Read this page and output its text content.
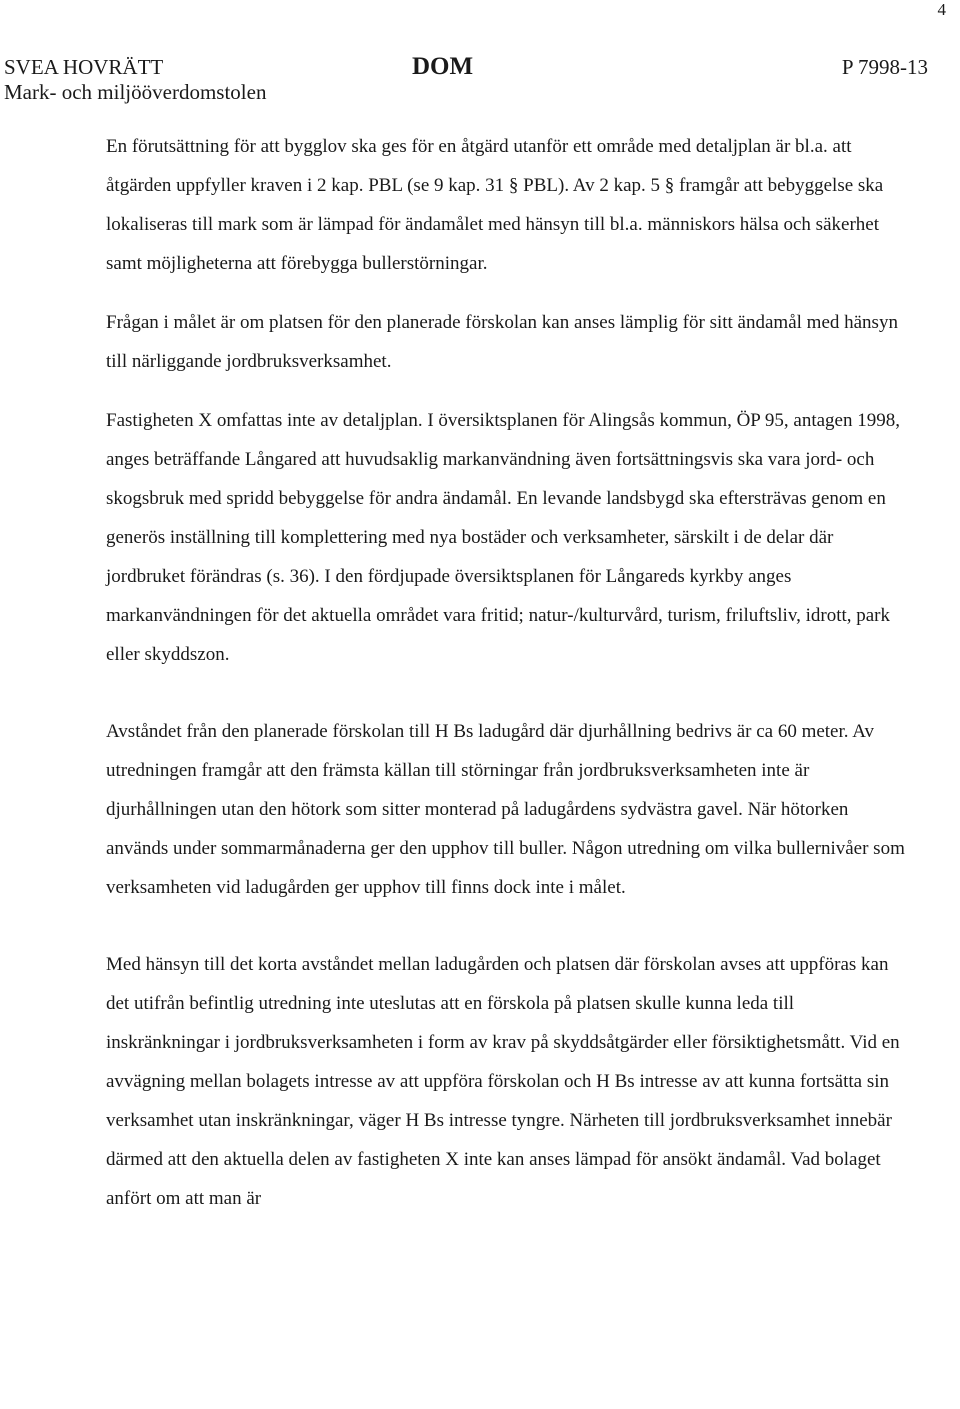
4
SVEA HOVRÄTT
Mark- och miljööverdomstolen
DOM	P 7998-13

En förutsättning för att bygglov ska ges för en åtgärd utanför ett område med detaljplan är bl.a. att åtgärden uppfyller kraven i 2 kap. PBL (se 9 kap. 31 § PBL). Av 2 kap. 5 § framgår att bebyggelse ska lokaliseras till mark som är lämpad för ändamålet med hänsyn till bl.a. människors hälsa och säkerhet samt möjligheterna att förebygga bullerstörningar.

Frågan i målet är om platsen för den planerade förskolan kan anses lämplig för sitt ändamål med hänsyn till närliggande jordbruksverksamhet.

Fastigheten X omfattas inte av detaljplan. I översiktsplanen för Alingsås kommun, ÖP 95, antagen 1998, anges beträffande Långared att huvudsaklig markanvändning även fortsättningsvis ska vara jord- och skogsbruk med spridd bebyggelse för andra ändamål. En levande landsbygd ska eftersträvas genom en generös inställning till komplettering med nya bostäder och verksamheter, särskilt i de delar där jordbruket förändras (s. 36). I den fördjupade översiktsplanen för Långareds kyrkby anges markanvändningen för det aktuella området vara fritid; natur-/kulturvård, turism, friluftsliv, idrott, park eller skyddszon.

Avståndet från den planerade förskolan till H Bs ladugård där djurhållning bedrivs är ca 60 meter. Av utredningen framgår att den främsta källan till störningar från jordbruksverksamheten inte är djurhållningen utan den hötork som sitter monterad på ladugårdens sydvästra gavel. När hötorken används under sommarmånaderna ger den upphov till buller. Någon utredning om vilka bullernivåer som verksamheten vid ladugården ger upphov till finns dock inte i målet.

Med hänsyn till det korta avståndet mellan ladugården och platsen där förskolan avses att uppföras kan det utifrån befintlig utredning inte uteslutas att en förskola på platsen skulle kunna leda till inskränkningar i jordbruksverksamheten i form av krav på skyddsåtgärder eller försiktighetsmått. Vid en avvägning mellan bolagets intresse av att uppföra förskolan och H Bs intresse av att kunna fortsätta sin verksamhet utan inskränkningar, väger H Bs intresse tyngre. Närheten till jordbruksverksamhet innebär därmed att den aktuella delen av fastigheten X inte kan anses lämpad för ansökt ändamål. Vad bolaget anfört om att man är
